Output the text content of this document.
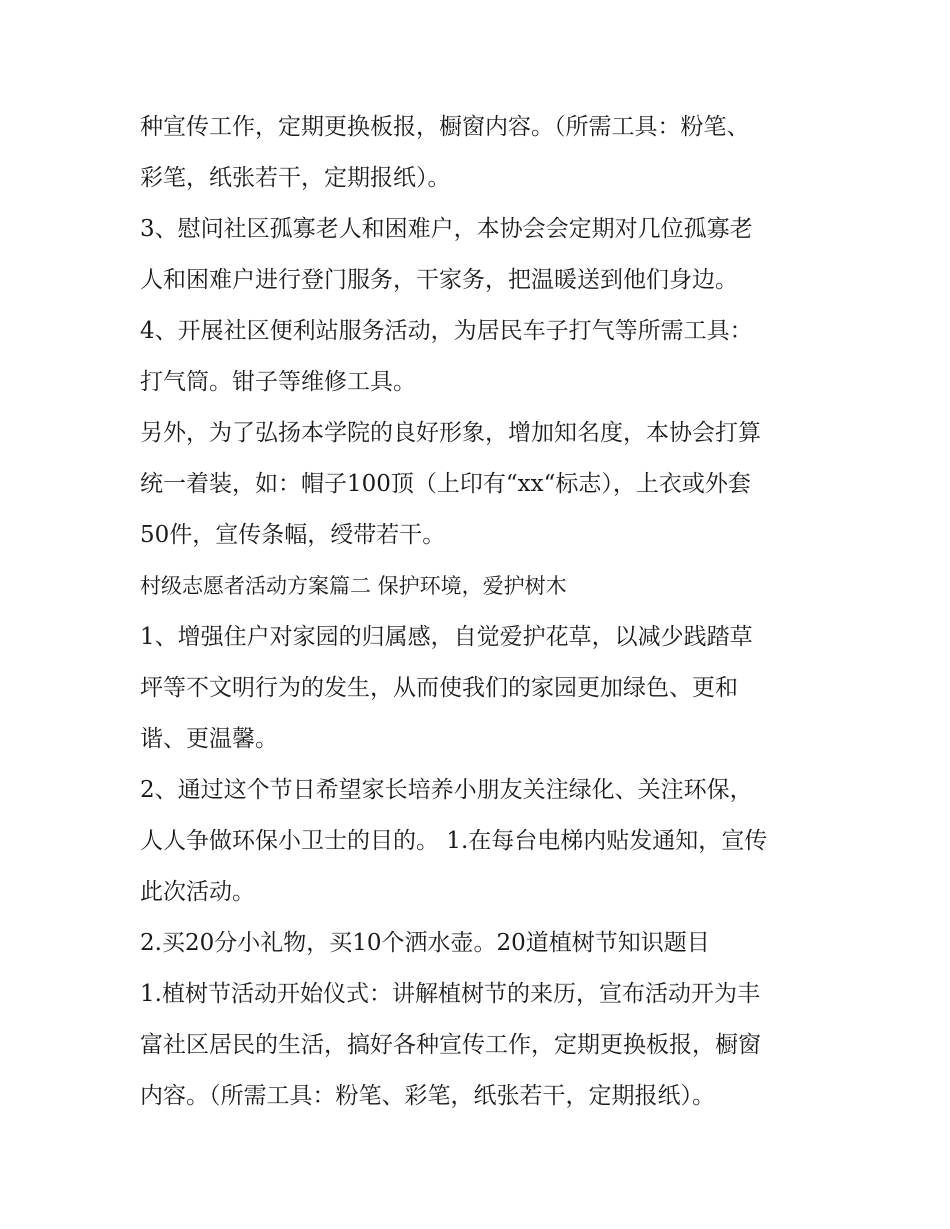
种宣传工作，定期更换板报，橱窗内容。（所需工具：粉笔、
彩笔，纸张若干，定期报纸）。
3、慰问社区孤寡老人和困难户，本协会会定期对几位孤寡老
人和困难户进行登门服务，干家务，把温暖送到他们身边。
4、开展社区便利站服务活动，为居民车子打气等所需工具：
打气筒。钳子等维修工具。
另外，为了弘扬本学院的良好形象，增加知名度，本协会打算
统一着装，如：帽子100顶（上印有“xx“标志），上衣或外套
50件，宣传条幅，绶带若干。
村级志愿者活动方案篇二 保护环境，爱护树木
1、增强住户对家园的归属感，自觉爱护花草，以减少践踏草
坪等不文明行为的发生，从而使我们的家园更加绿色、更和
谐、更温馨。
2、通过这个节日希望家长培养小朋友关注绿化、关注环保，
人人争做环保小卫士的目的。 1.在每台电梯内贴发通知，宣传
此次活动。
2.买20分小礼物，买10个洒水壶。20道植树节知识题目
1.植树节活动开始仪式：讲解植树节的来历，宣布活动开为丰
富社区居民的生活，搞好各种宣传工作，定期更换板报，橱窗
内容。（所需工具：粉笔、彩笔，纸张若干，定期报纸）。
